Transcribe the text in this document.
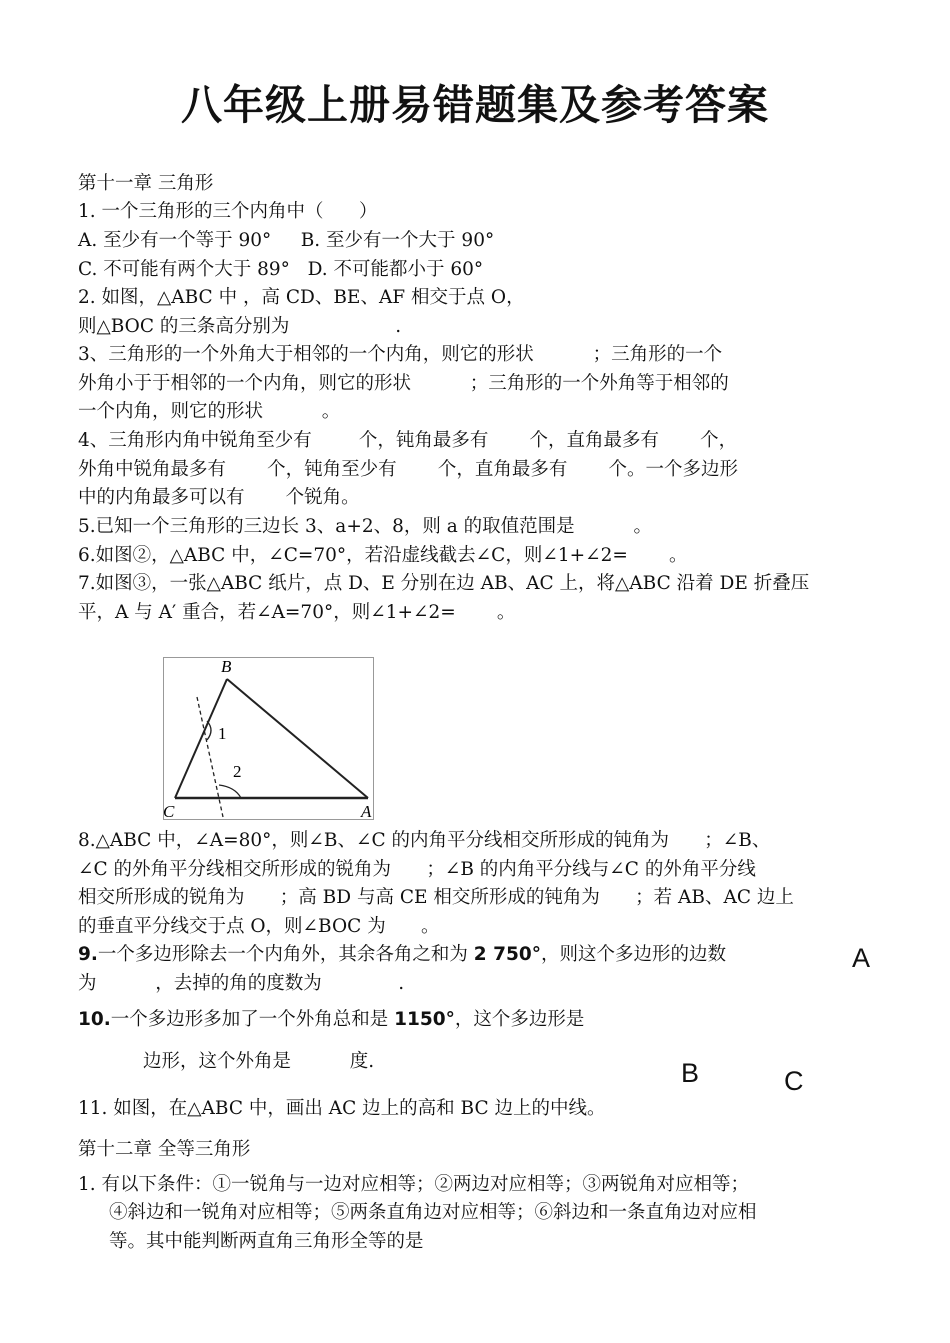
八年级上册易错题集及参考答案
第十一章 三角形
1. 一个三角形的三个内角中（      ）
A. 至少有一个等于 90°     B. 至少有一个大于 90°
C. 不可能有两个大于 89°   D. 不可能都小于 60°
2. 如图，△ABC 中 ，高 CD、BE、AF 相交于点 O，
则△BOC 的三条高分别为                  .
3、三角形的一个外角大于相邻的一个内角，则它的形状          ；三角形的一个
外角小于于相邻的一个内角，则它的形状          ；三角形的一个外角等于相邻的
一个内角，则它的形状          。
4、三角形内角中锐角至少有        个，钝角最多有       个，直角最多有       个，
外角中锐角最多有       个，钝角至少有       个，直角最多有       个。一个多边形
中的内角最多可以有       个锐角。
5.已知一个三角形的三边长 3、a+2、8，则 a 的取值范围是          。
6.如图②，△ABC 中，∠C=70°，若沿虚线截去∠C，则∠1+∠2=       。
7.如图③，一张△ABC 纸片，点 D、E 分别在边 AB、AC 上，将△ABC 沿着 DE 折叠压
平，A 与 A′ 重合，若∠A=70°，则∠1+∠2=       。
B
C	A
1
2
8.△ABC 中，∠A=80°，则∠B、∠C 的内角平分线相交所形成的钝角为      ；∠B、
∠C 的外角平分线相交所形成的锐角为      ；∠B 的内角平分线与∠C 的外角平分线
相交所形成的锐角为      ；高 BD 与高 CE 相交所形成的钝角为      ；若 AB、AC 边上
的垂直平分线交于点 O，则∠BOC 为      。
9.一个多边形除去一个内角外，其余各角之和为 2 750°，则这个多边形的边数
为          ，去掉的角的度数为             .
10.一个多边形多加了一个外角总和是 1150°，这个多边形是
边形，这个外角是          度.
11. 如图，在△ABC 中，画出 AC 边上的高和 BC 边上的中线。
A
B	C
第十二章 全等三角形
1. 有以下条件：①一锐角与一边对应相等；②两边对应相等；③两锐角对应相等；
④斜边和一锐角对应相等；⑤两条直角边对应相等；⑥斜边和一条直角边对应相
等。其中能判断两直角三角形全等的是
